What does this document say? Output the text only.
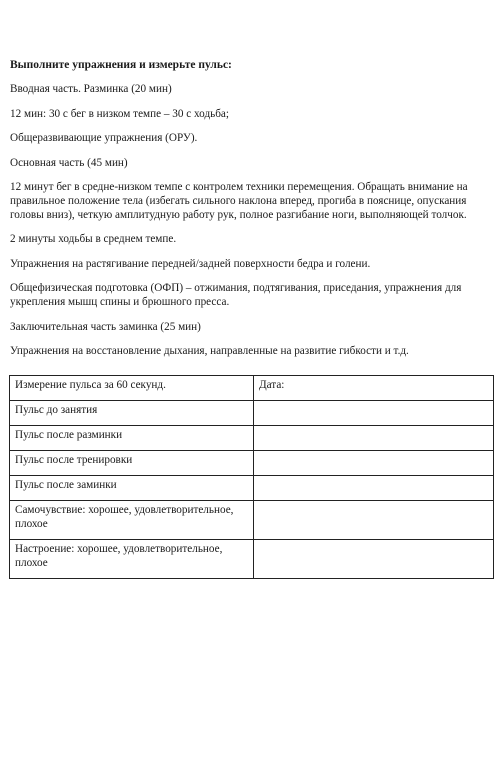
Выполните упражнения и измерьте пульс:

Вводная часть. Разминка (20 мин)

12 мин: 30 с бег в низком темпе – 30 с ходьба;

Общеразвивающие упражнения (ОРУ).

Основная часть (45 мин)

12 минут бег в средне-низком темпе с контролем техники перемещения. Обращать внимание на правильное положение тела (избегать сильного наклона вперед, прогиба в пояснице, опускания головы вниз), четкую амплитудную работу рук, полное разгибание ноги, выполняющей толчок.

2 минуты ходьбы в среднем темпе.

Упражнения на растягивание передней/задней поверхности бедра и голени.

Общефизическая подготовка (ОФП) – отжимания, подтягивания, приседания, упражнения для укрепления мышц спины и брюшного пресса.

Заключительная часть заминка (25 мин)

Упражнения на восстановление дыхания, направленные на развитие гибкости и т.д.

Измерение пульса за 60 секунд.	Дата:
Пульс до занятия	
Пульс после разминки	
Пульс после тренировки	
Пульс после заминки	
Самочувствие: хорошее, удовлетворительное, плохое	
Настроение: хорошее, удовлетворительное, плохое	
